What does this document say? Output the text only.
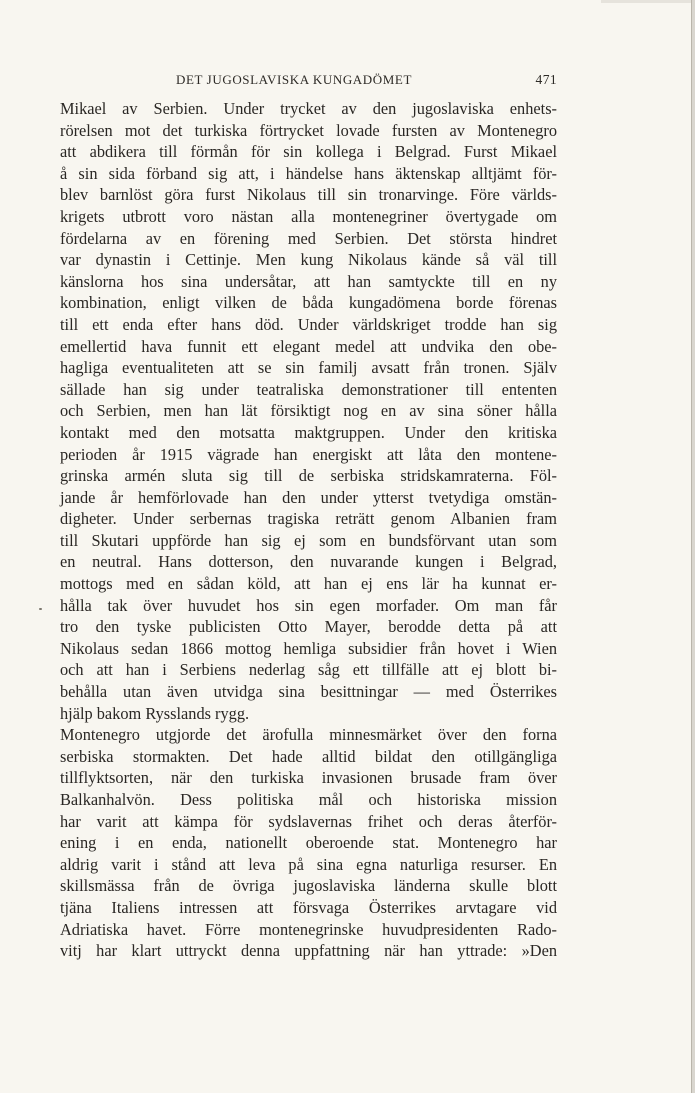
DET JUGOSLAVISKA KUNGADÖMET	471
Mikael av Serbien. Under trycket av den jugoslaviska enhets-
rörelsen mot det turkiska förtrycket lovade fursten av Montenegro
att abdikera till förmån för sin kollega i Belgrad. Furst Mikael
å sin sida förband sig att, i händelse hans äktenskap alltjämt för-
blev barnlöst göra furst Nikolaus till sin tronarvinge. Före världs-
krigets utbrott voro nästan alla montenegriner övertygade om
fördelarna av en förening med Serbien. Det största hindret
var dynastin i Cettinje. Men kung Nikolaus kände så väl till
känslorna hos sina undersåtar, att han samtyckte till en ny
kombination, enligt vilken de båda kungadömena borde förenas
till ett enda efter hans död. Under världskriget trodde han sig
emellertid hava funnit ett elegant medel att undvika den obe-
hagliga eventualiteten att se sin familj avsatt från tronen. Själv
sällade han sig under teatraliska demonstrationer till ententen
och Serbien, men han lät försiktigt nog en av sina söner hålla
kontakt med den motsatta maktgruppen. Under den kritiska
perioden år 1915 vägrade han energiskt att låta den montene-
grinska armén sluta sig till de serbiska stridskamraterna. Föl-
jande år hemförlovade han den under ytterst tvetydiga omstän-
digheter. Under serbernas tragiska reträtt genom Albanien fram
till Skutari uppförde han sig ej som en bundsförvant utan som
en neutral. Hans dotterson, den nuvarande kungen i Belgrad,
mottogs med en sådan köld, att han ej ens lär ha kunnat er-
hålla tak över huvudet hos sin egen morfader. Om man får
tro den tyske publicisten Otto Mayer, berodde detta på att
Nikolaus sedan 1866 mottog hemliga subsidier från hovet i Wien
och att han i Serbiens nederlag såg ett tillfälle att ej blott bi-
behålla utan även utvidga sina besittningar — med Österrikes
hjälp bakom Rysslands rygg.
Montenegro utgjorde det ärofulla minnesmärket över den forna
serbiska stormakten. Det hade alltid bildat den otillgängliga
tillflyktsorten, när den turkiska invasionen brusade fram över
Balkanhalvön. Dess politiska mål och historiska mission
har varit att kämpa för sydslavernas frihet och deras återför-
ening i en enda, nationellt oberoende stat. Montenegro har
aldrig varit i stånd att leva på sina egna naturliga resurser. En
skillsmässa från de övriga jugoslaviska länderna skulle blott
tjäna Italiens intressen att försvaga Österrikes arvtagare vid
Adriatiska havet. Förre montenegrinske huvudpresidenten Rado-
vitj har klart uttryckt denna uppfattning när han yttrade: »Den
